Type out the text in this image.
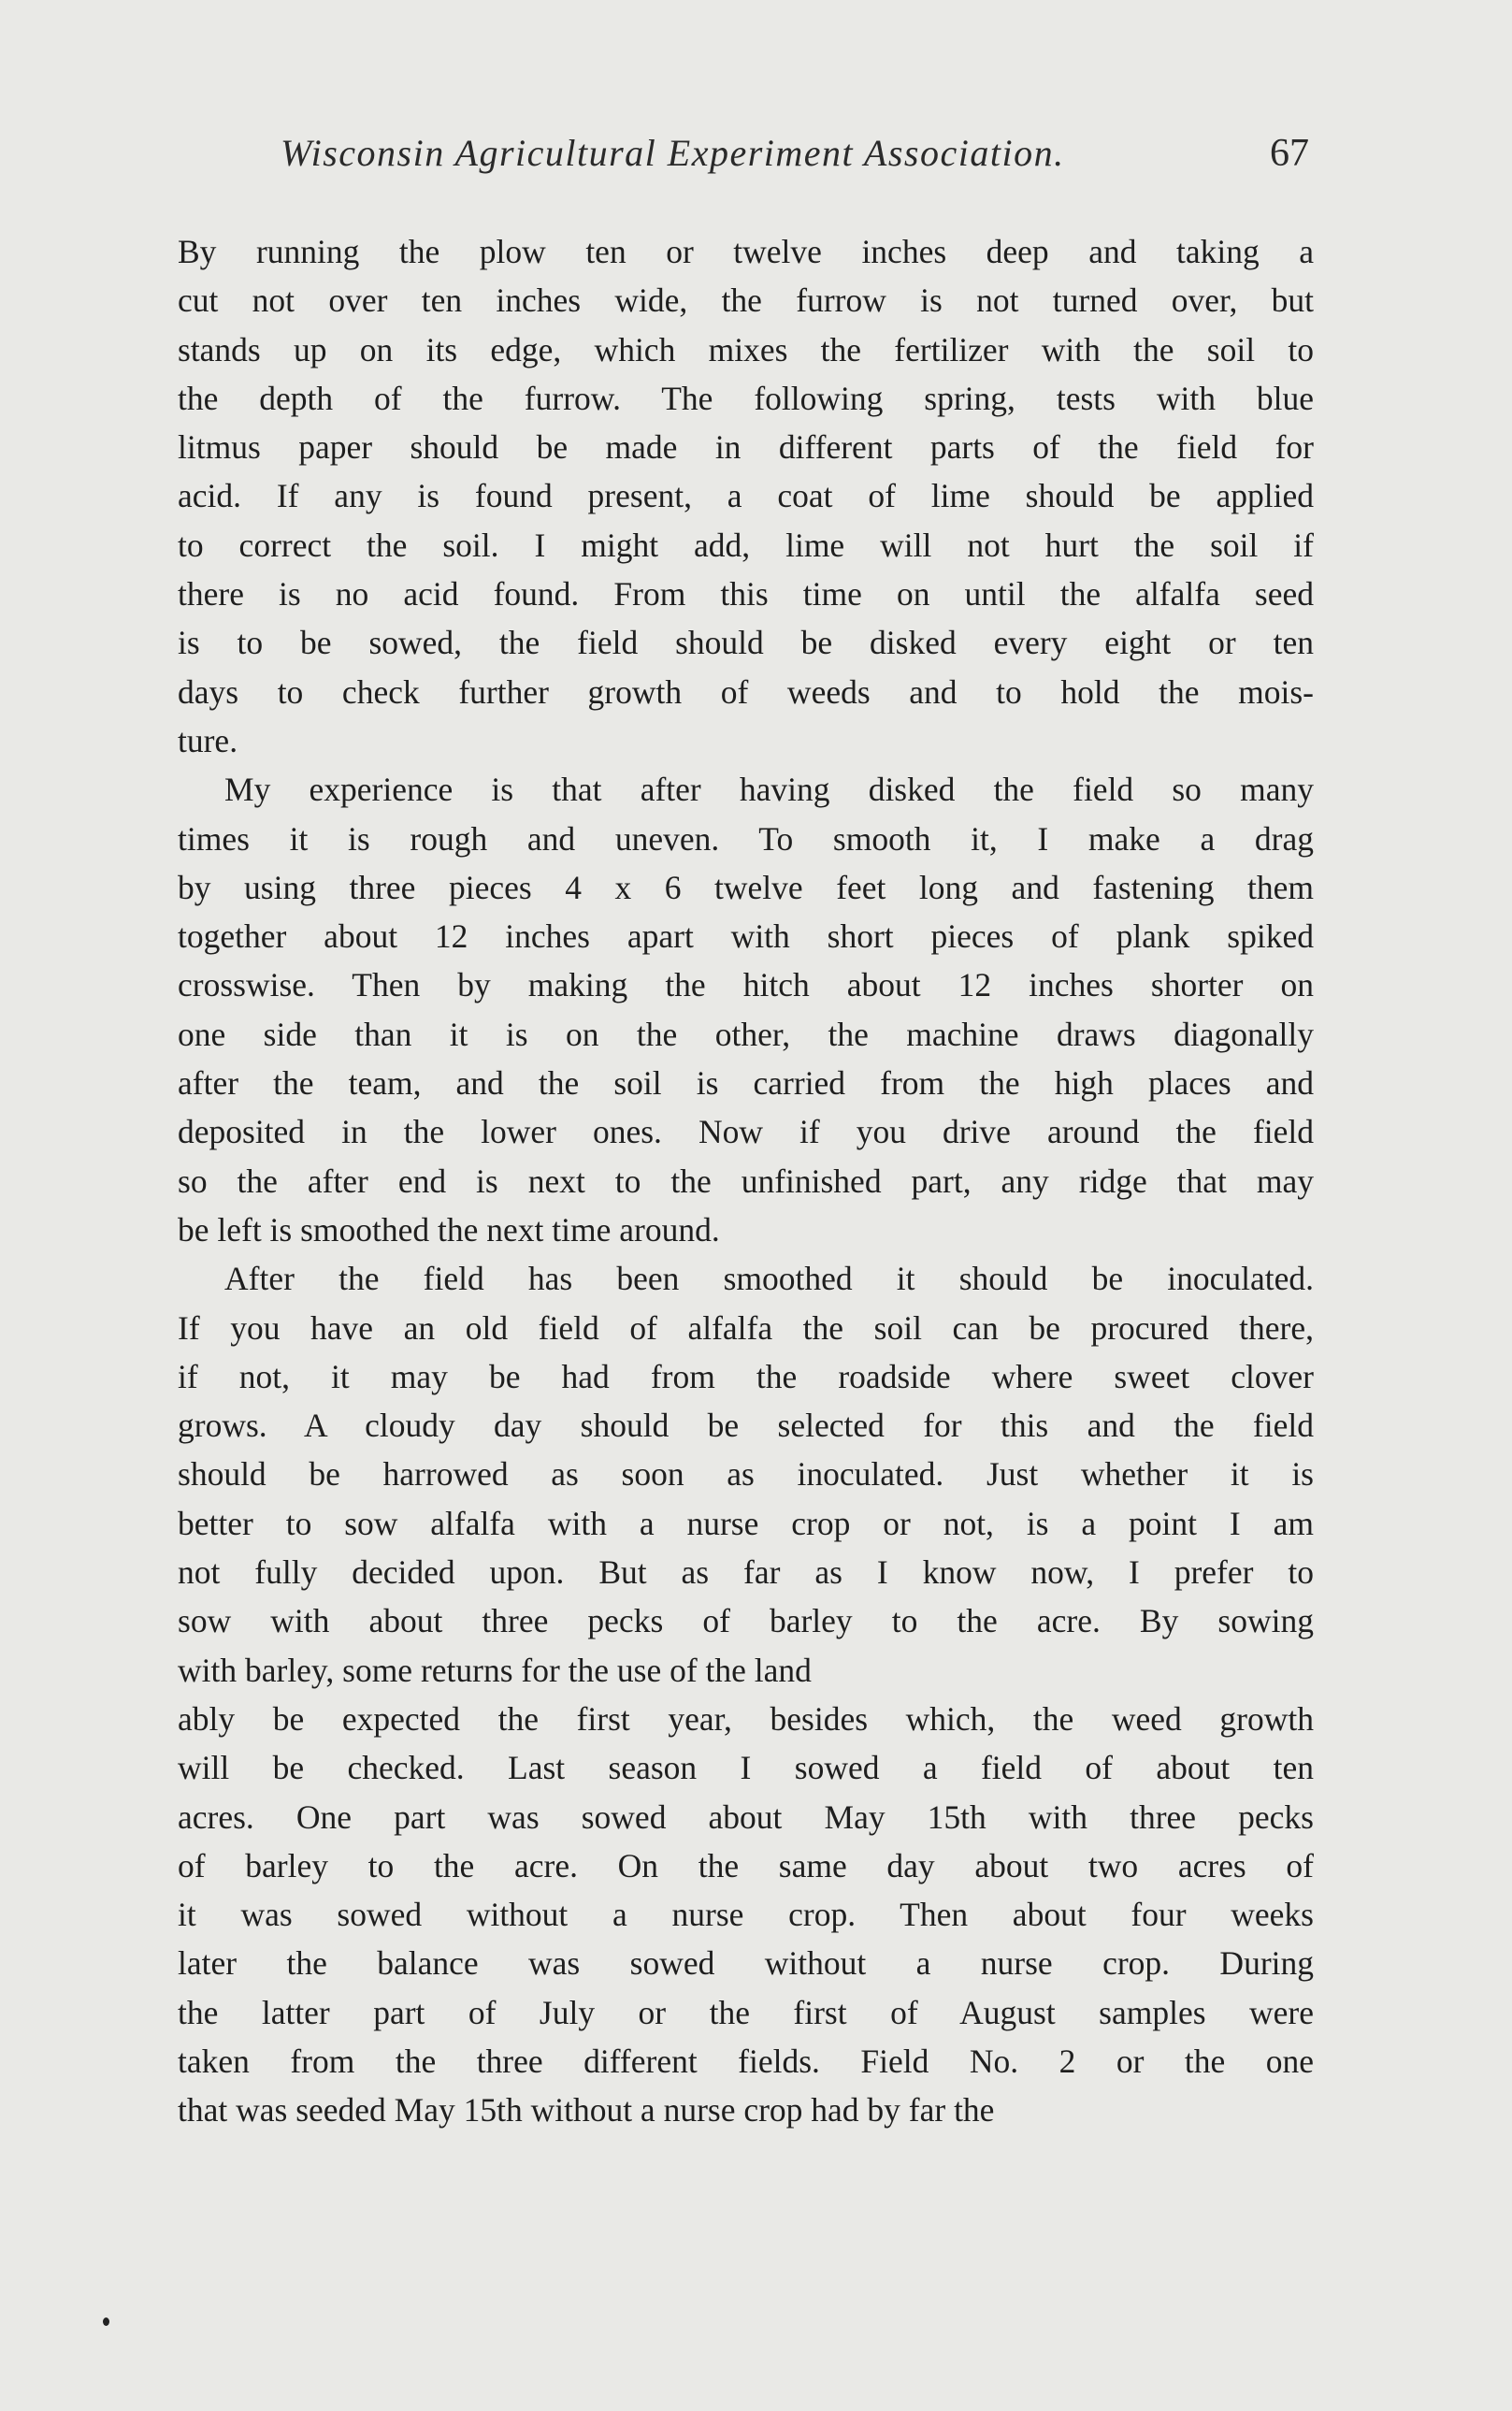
Wisconsin Agricultural Experiment Association.	67
By running the plow ten or twelve inches deep and taking a
cut not over ten inches wide, the furrow is not turned over, but
stands up on its edge, which mixes the fertilizer with the soil to
the depth of the furrow. The following spring, tests with blue
litmus paper should be made in different parts of the field for
acid. If any is found present, a coat of lime should be applied
to correct the soil. I might add, lime will not hurt the soil if
there is no acid found. From this time on until the alfalfa seed
is to be sowed, the field should be disked every eight or ten
days to check further growth of weeds and to hold the mois-
ture.
My experience is that after having disked the field so many
times it is rough and uneven. To smooth it, I make a drag
by using three pieces 4 x 6 twelve feet long and fastening them
together about 12 inches apart with short pieces of plank spiked
crosswise. Then by making the hitch about 12 inches shorter on
one side than it is on the other, the machine draws diagonally
after the team, and the soil is carried from the high places and
deposited in the lower ones. Now if you drive around the field
so the after end is next to the unfinished part, any ridge that may
be left is smoothed the next time around.
After the field has been smoothed it should be inoculated.
If you have an old field of alfalfa the soil can be procured there,
if not, it may be had from the roadside where sweet clover
grows. A cloudy day should be selected for this and the field
should be harrowed as soon as inoculated. Just whether it is
better to sow alfalfa with a nurse crop or not, is a point I am
not fully decided upon. But as far as I know now, I prefer to
sow with about three pecks of barley to the acre. By sowing
with barley, some returns for the use of the land
ably be expected the first year, besides which, the weed growth
will be checked. Last season I sowed a field of about ten
acres. One part was sowed about May 15th with three pecks
of barley to the acre. On the same day about two acres of
it was sowed without a nurse crop. Then about four weeks
later the balance was sowed without a nurse crop. During
the latter part of July or the first of August samples were
taken from the three different fields. Field No. 2 or the one
that was seeded May 15th without a nurse crop had by far the
